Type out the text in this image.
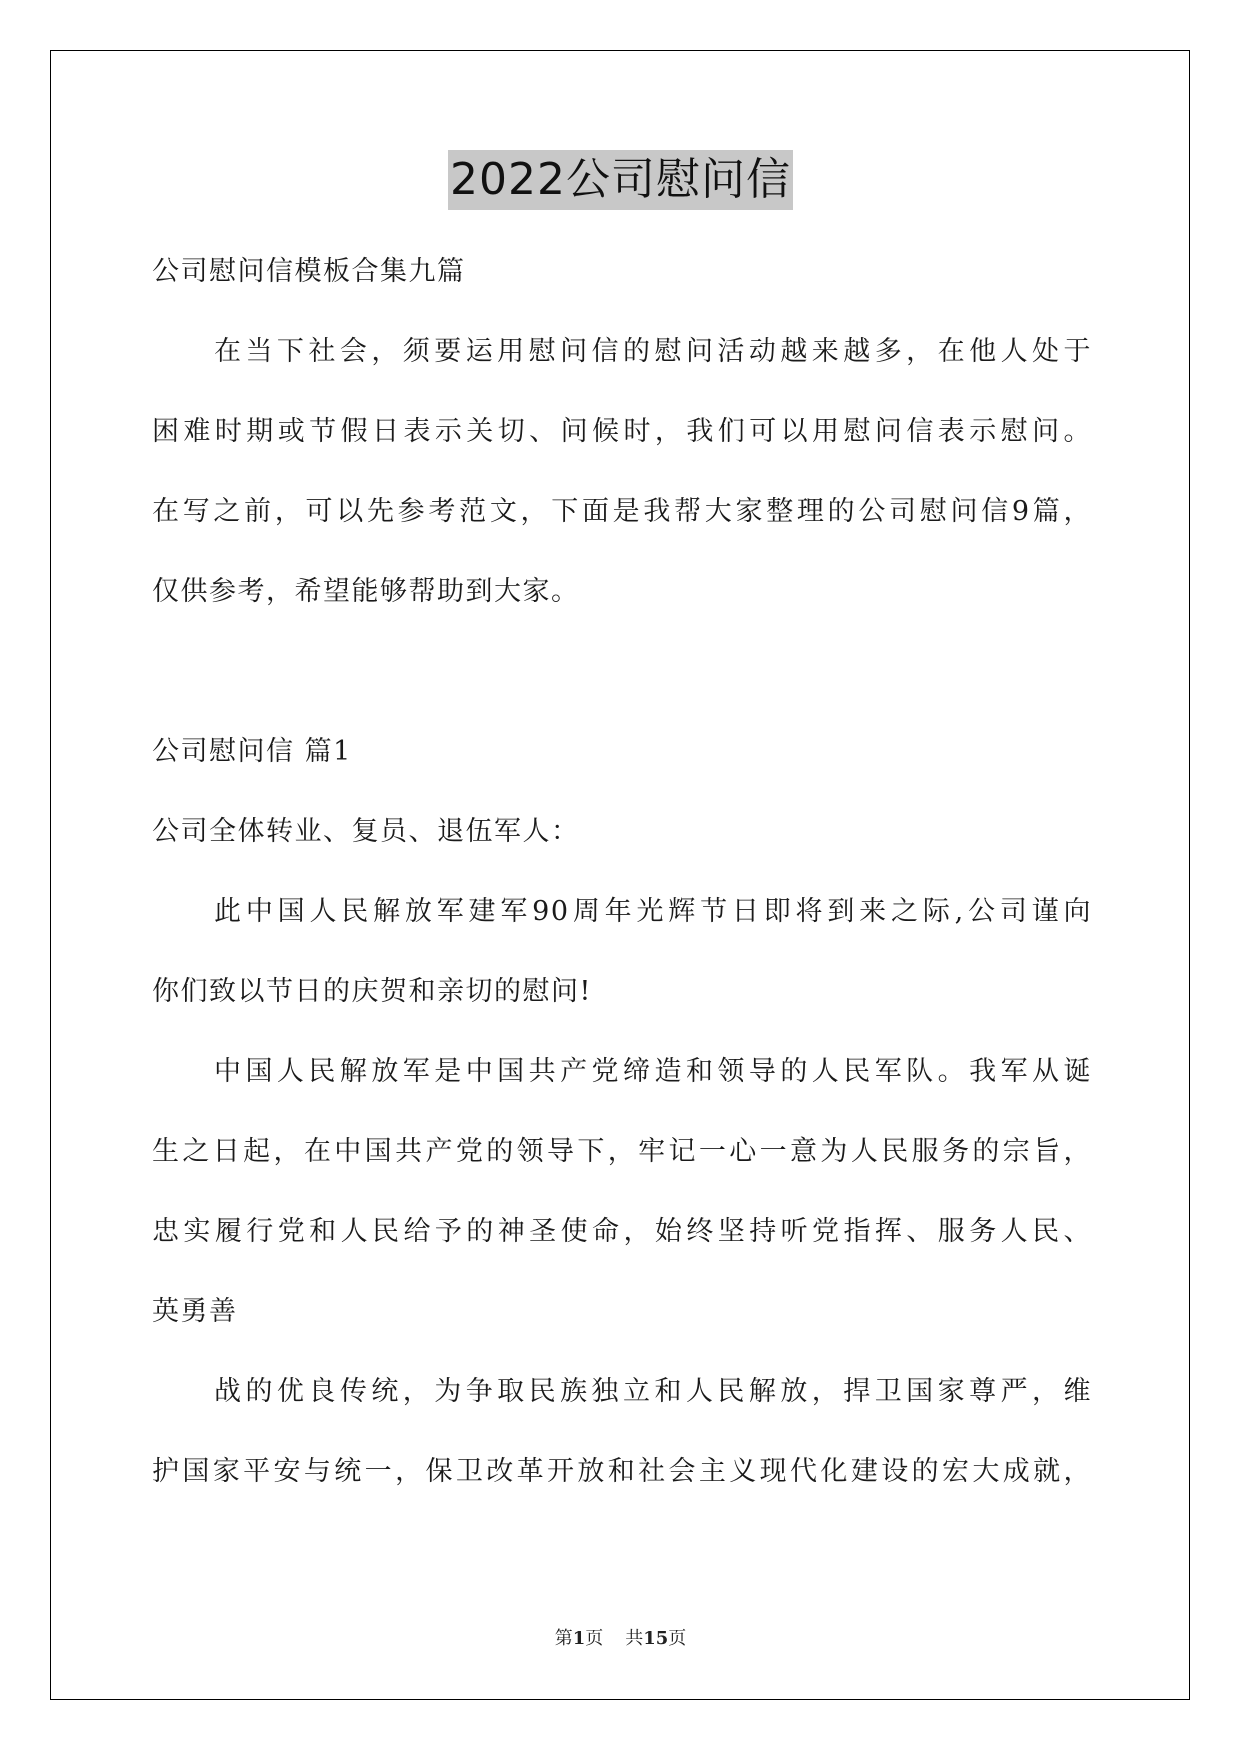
2022公司慰问信
公司慰问信模板合集九篇
在当下社会，须要运用慰问信的慰问活动越来越多，在他人处于
困难时期或节假日表示关切、问候时，我们可以用慰问信表示慰问。
在写之前，可以先参考范文，下面是我帮大家整理的公司慰问信9篇，
仅供参考，希望能够帮助到大家。
公司慰问信 篇1
公司全体转业、复员、退伍军人：
此中国人民解放军建军90周年光辉节日即将到来之际,公司谨向
你们致以节日的庆贺和亲切的慰问!
中国人民解放军是中国共产党缔造和领导的人民军队。我军从诞
生之日起，在中国共产党的领导下，牢记一心一意为人民服务的宗旨，
忠实履行党和人民给予的神圣使命，始终坚持听党指挥、服务人民、
英勇善
战的优良传统，为争取民族独立和人民解放，捍卫国家尊严，维
护国家平安与统一，保卫改革开放和社会主义现代化建设的宏大成就，
第1页 共15页
